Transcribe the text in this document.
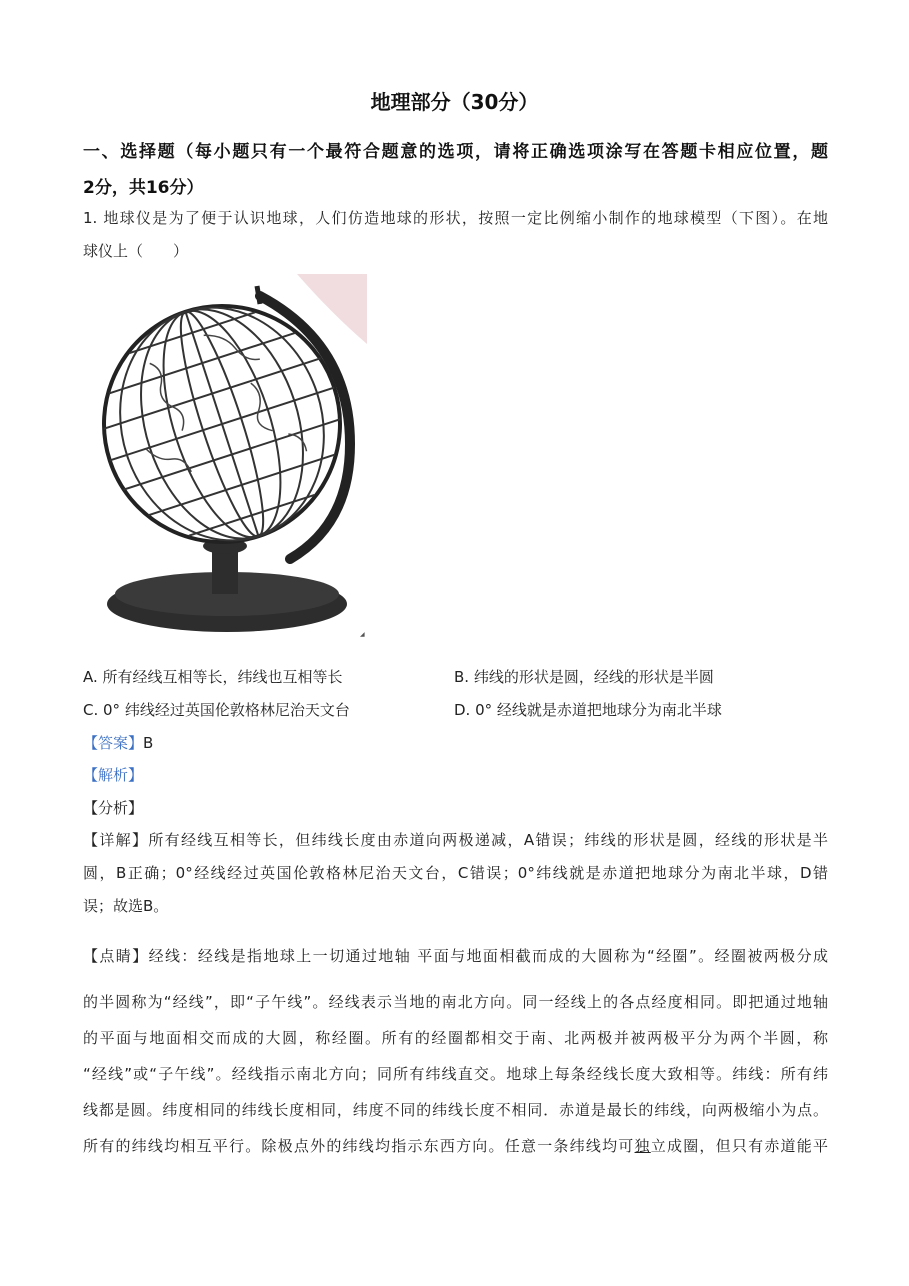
地理部分（30分）
一、选择题（每小题只有一个最符合题意的选项，请将正确选项涂写在答题卡相应位置，题
2分，共16分）
1. 地球仪是为了便于认识地球，人们仿造地球的形状，按照一定比例缩小制作的地球模型（下图）。在地
球仪上（　　）
◢
A. 所有经线互相等长，纬线也互相等长	B. 纬线的形状是圆，经线的形状是半圆
C. 0° 纬线经过英国伦敦格林尼治天文台	D. 0° 经线就是赤道把地球分为南北半球
【答案】B
【解析】
【分析】
【详解】所有经线互相等长，但纬线长度由赤道向两极递减，A错误；纬线的形状是圆，经线的形状是半
圆，B正确；0°经线经过英国伦敦格林尼治天文台，C错误；0°纬线就是赤道把地球分为南北半球，D错
误；故选B。
【点睛】经线：经线是指地球上一切通过地轴 平面与地面相截而成的大圆称为“经圈”。经圈被两极分成
的半圆称为“经线”，即“子午线”。经线表示当地的南北方向。同一经线上的各点经度相同。即把通过地轴
的平面与地面相交而成的大圆，称经圈。所有的经圈都相交于南、北两极并被两极平分为两个半圆，称
“经线”或“子午线”。经线指示南北方向；同所有纬线直交。地球上每条经线长度大致相等。纬线：所有纬
线都是圆。纬度相同的纬线长度相同，纬度不同的纬线长度不相同．赤道是最长的纬线，向两极缩小为点。
所有的纬线均相互平行。除极点外的纬线均指示东西方向。任意一条纬线均可独立成圈，但只有赤道能平
